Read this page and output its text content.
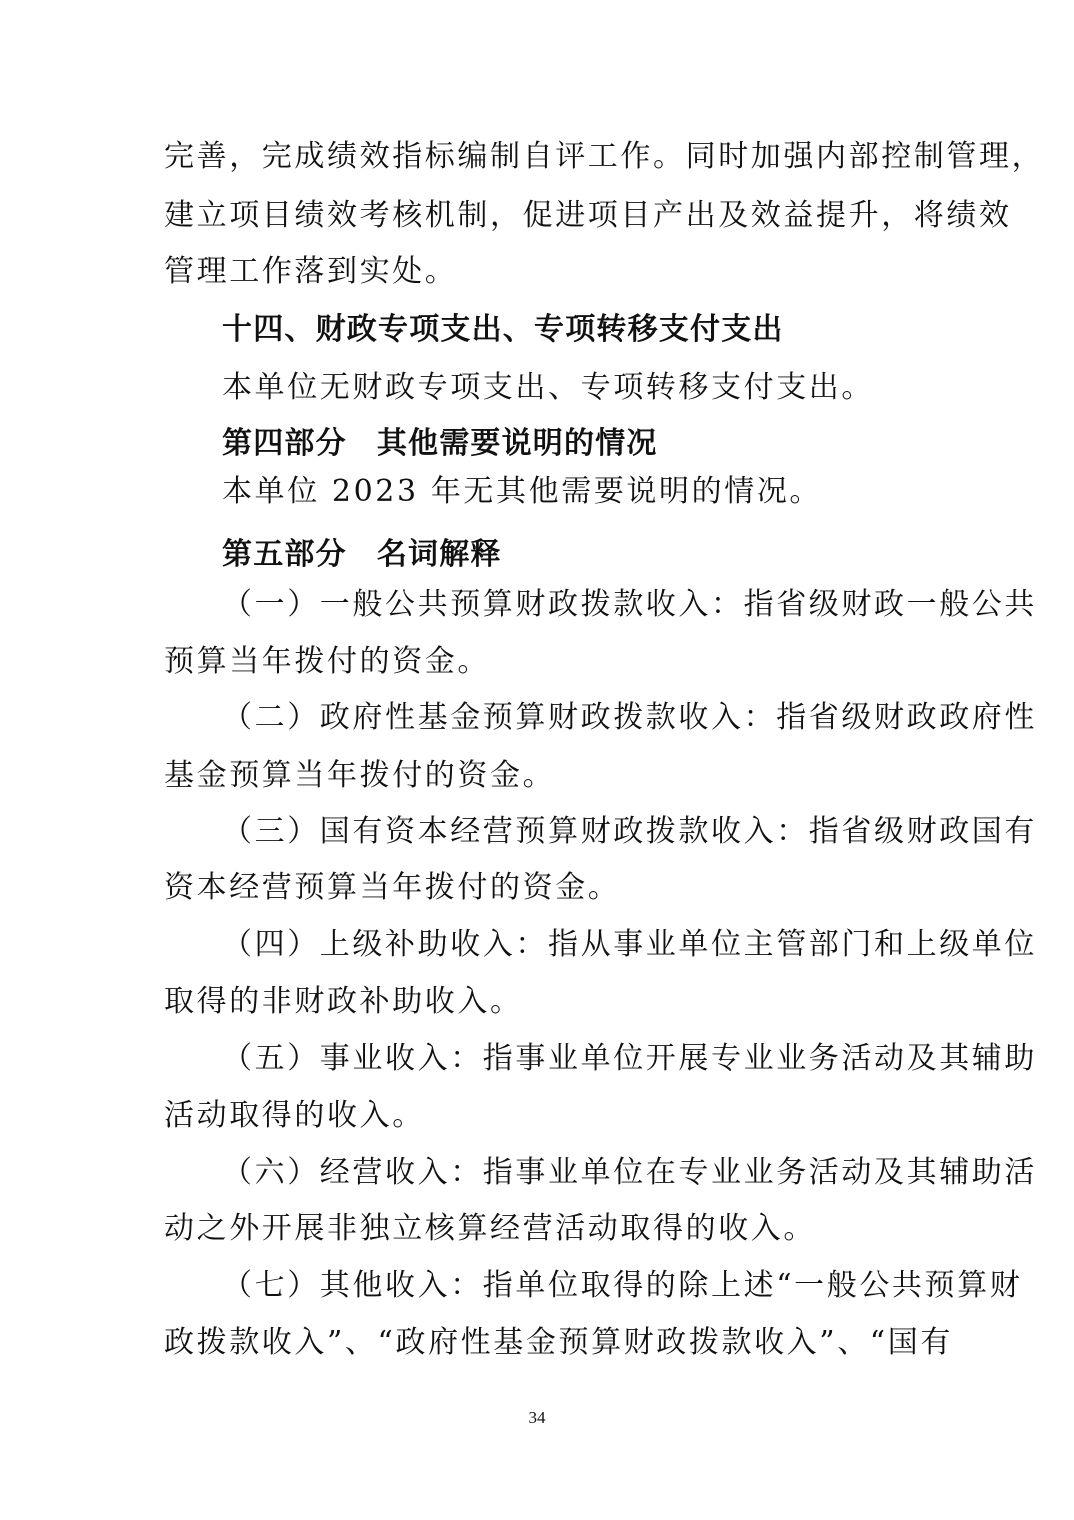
完善，完成绩效指标编制自评工作。同时加强内部控制管理，
建立项目绩效考核机制，促进项目产出及效益提升，将绩效
管理工作落到实处。
十四、财政专项支出、专项转移支付支出
本单位无财政专项支出、专项转移支付支出。
第四部分 其他需要说明的情况
本单位 2023 年无其他需要说明的情况。
第五部分 名词解释
（一）一般公共预算财政拨款收入：指省级财政一般公共
预算当年拨付的资金。
（二）政府性基金预算财政拨款收入：指省级财政政府性
基金预算当年拨付的资金。
（三）国有资本经营预算财政拨款收入：指省级财政国有
资本经营预算当年拨付的资金。
（四）上级补助收入：指从事业单位主管部门和上级单位
取得的非财政补助收入。
（五）事业收入：指事业单位开展专业业务活动及其辅助
活动取得的收入。
（六）经营收入：指事业单位在专业业务活动及其辅助活
动之外开展非独立核算经营活动取得的收入。
（七）其他收入：指单位取得的除上述“一般公共预算财
政拨款收入”、“政府性基金预算财政拨款收入”、“国有
34
